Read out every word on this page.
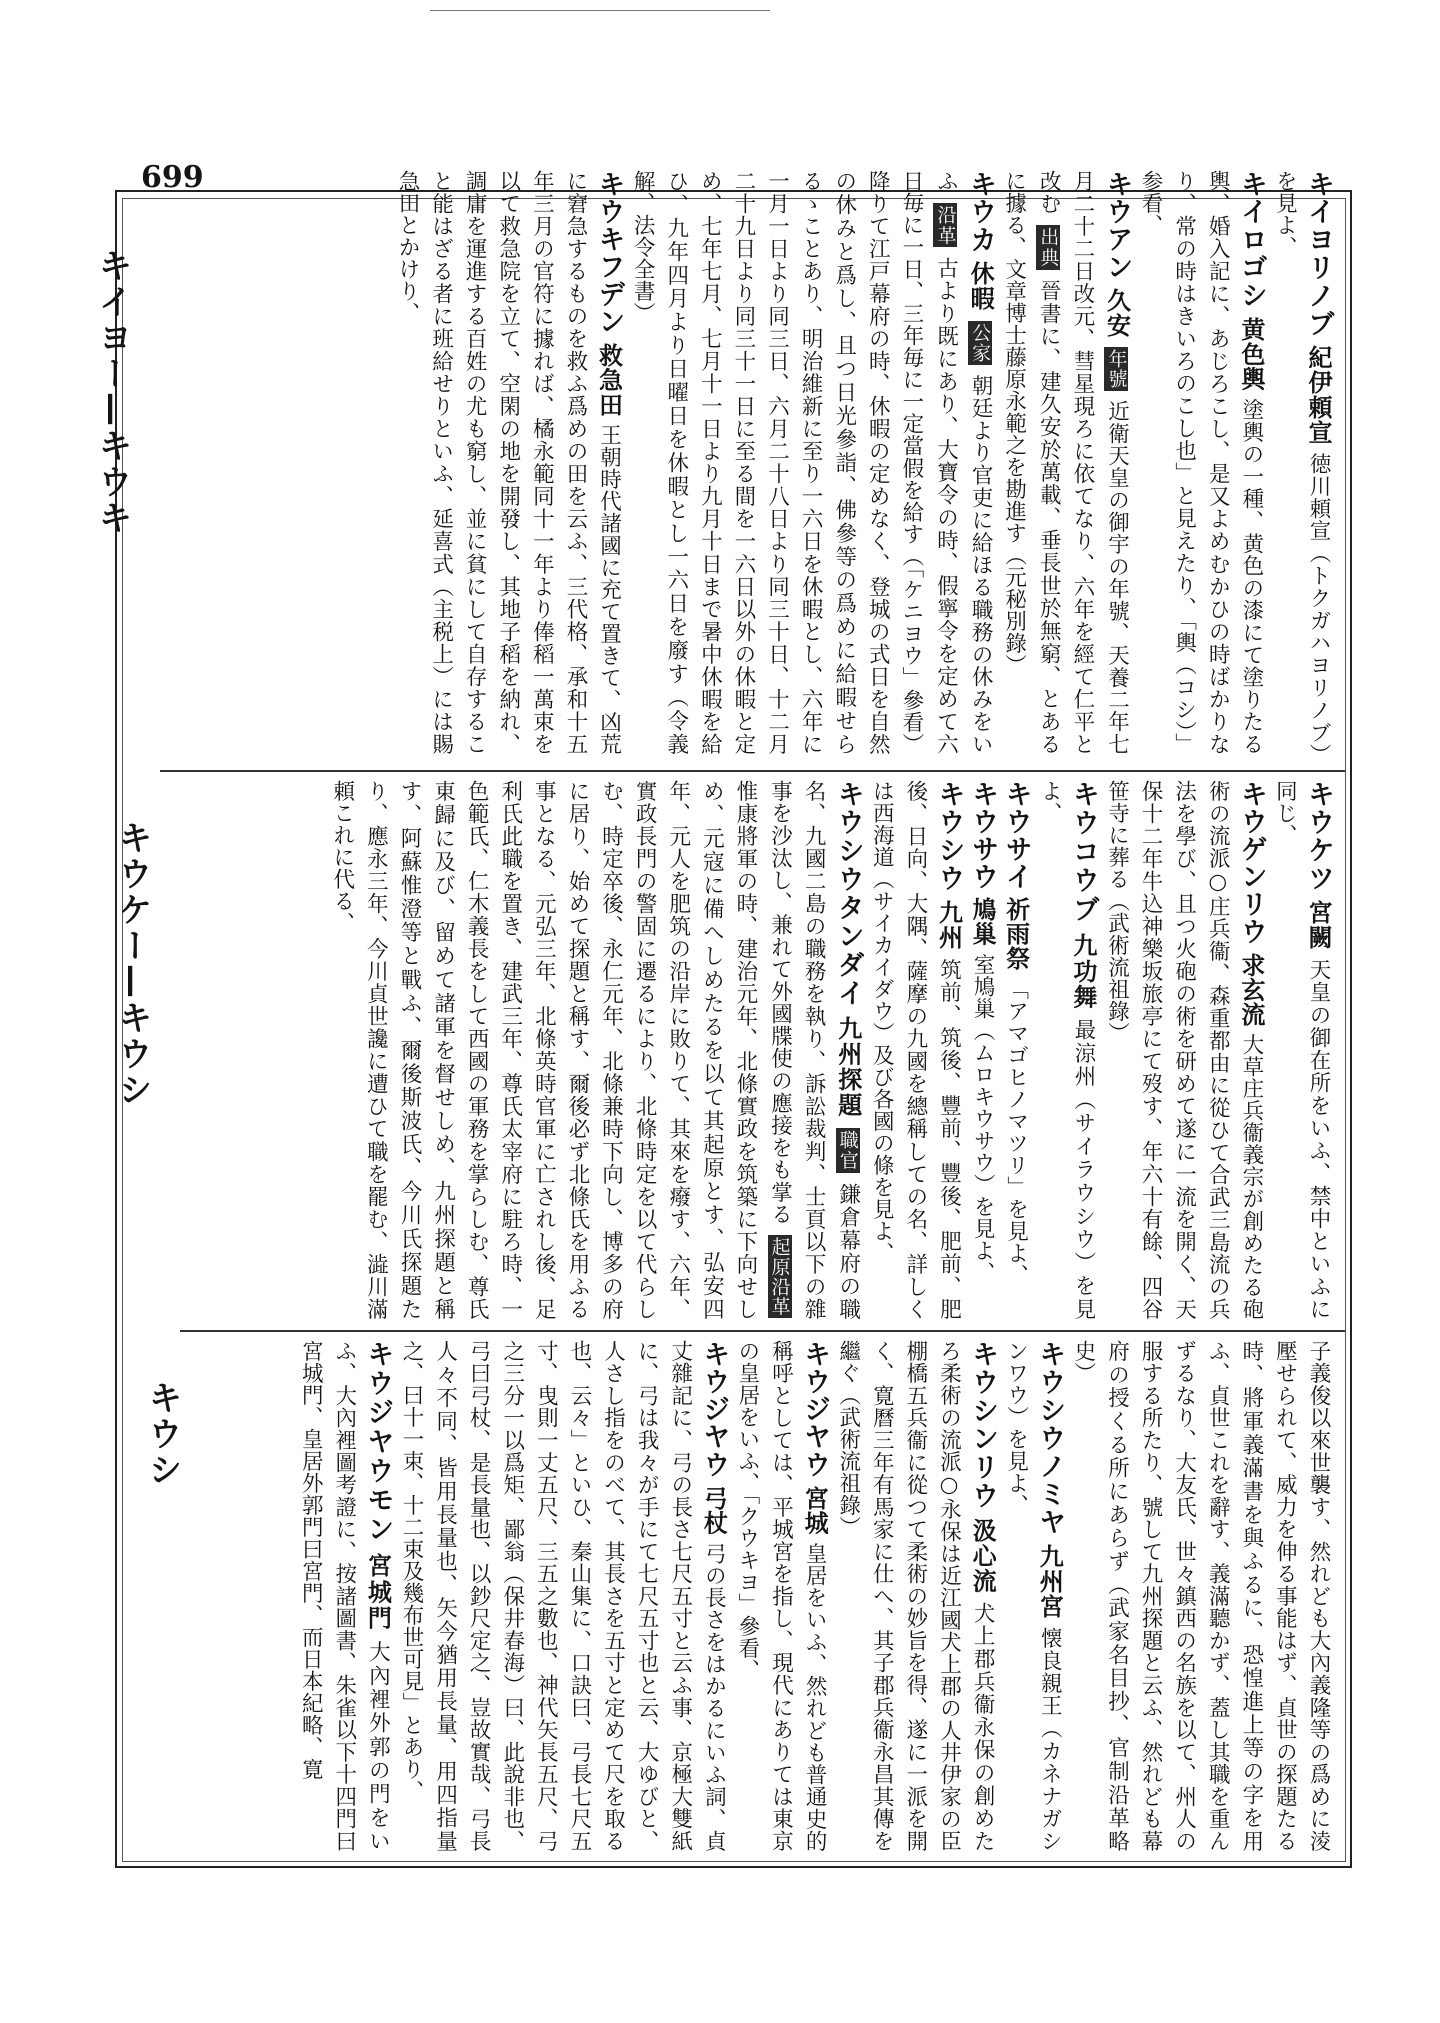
699
キイヨー—キウキ
キウケー—キウシ
キウシ
キイヨリノブ 紀伊頼宣 徳川頼宣（トクガハヨリノブ）を見よ、
キイロゴシ 黄色輿 塗輿の一種、黄色の漆にて塗りたる輿、婚入記に、あじろこし、是又よめむかひの時ばかりなり、常の時はきいろのこし也」と見えたり、「輿（コシ）」参看、
キウアン 久安 年號 近衛天皇の御宇の年號、天養二年七月二十二日改元、彗星現ろに依てなり、六年を經て仁平と改む 出典 晉書に、建久安於萬載、垂長世於無窮、とあるに據る、文章博士藤原永範之を勘進す（元秘別錄）
キウカ 休暇 公家 朝廷より官吏に給ほる職務の休みをいふ 沿革 古より既にあり、大寶令の時、假寧令を定めて六日毎に一日、三年毎に一定當假を給す（「ケニヨウ」參看）降りて江戸幕府の時、休暇の定めなく、登城の式日を自然の休みと爲し、且つ日光參詣、佛參等の爲めに給暇せらるゝことあり、明治維新に至り一六日を休暇とし、六年に一月一日より同三日、六月二十八日より同三十日、十二月二十九日より同三十一日に至る間を一六日以外の休暇と定め、七年七月、七月十一日より九月十日まで暑中休暇を給ひ、九年四月より日曜日を休暇とし一六日を廢す（令義解、法令全書）
キウキフデン 救急田 王朝時代諸國に充て置きて、凶荒に窘急するものを救ふ爲めの田を云ふ、三代格、承和十五年三月の官符に據れば、橘永範同十一年より俸稻一萬束を以て救急院を立て、空閑の地を開發し、其地子稻を納れ、調庸を運進する百姓の尤も窮し、並に貧にして自存すること能はざる者に班給せりといふ、延喜式（主税上）には賜急田とかけり、
キウケツ 宮闕 天皇の御在所をいふ、禁中といふに同じ、
キウゲンリウ 求玄流 大草庄兵衞義宗が創めたる砲術の流派○庄兵衞、森重都由に從ひて合武三島流の兵法を學び、且つ火砲の術を研めて遂に一流を開く、天保十二年牛込神樂坂旅亭にて歿す、年六十有餘、四谷笹寺に葬る（武術流祖錄）
キウコウブ 九功舞 最涼州（サイラウシウ）を見よ、
キウサイ 祈雨祭 「アマゴヒノマツリ」を見よ、
キウサウ 鳩巢 室鳩巢（ムロキウサウ）を見よ、
キウシウ 九州 筑前、筑後、豐前、豐後、肥前、肥後、日向、大隅、薩摩の九國を總稱しての名、詳しくは西海道（サイカイダウ）及び各國の條を見よ、
キウシウタンダイ 九州探題 職官 鎌倉幕府の職名、九國二島の職務を執り、訴訟裁判、士頁以下の雜事を沙汰し、兼れて外國牒使の應接をも掌る 起原沿革 惟康將軍の時、建治元年、北條實政を筑築に下向せしめ、元寇に備へしめたるを以て其起原とす、弘安四年、元人を肥筑の沿岸に敗りて、其來を癈す、六年、實政長門の警固に遷るにより、北條時定を以て代らしむ、時定卒後、永仁元年、北條兼時下向し、博多の府に居り、始めて探題と稱す、爾後必ず北條氏を用ふる事となる、元弘三年、北條英時官軍に亡されし後、足利氏此職を置き、建武三年、尊氏太宰府に駐ろ時、一色範氏、仁木義長をして西國の軍務を掌らしむ、尊氏東歸に及び、留めて諸軍を督せしめ、九州探題と稱す、阿蘇惟澄等と戰ふ、爾後斯波氏、今川氏探題たり、應永三年、今川貞世讒に遭ひて職を罷む、澁川滿頼これに代る、
子義俊以來世襲す、然れども大內義隆等の爲めに淩壓せられて、威力を伸る事能はず、貞世の探題たる時、將軍義滿書を與ふるに、恐惶進上等の字を用ふ、貞世これを辭す、義滿聽かず、蓋し其職を重んずるなり、大友氏、世々鎮西の名族を以て、州人の服する所たり、號して九州探題と云ふ、然れども幕府の授くる所にあらず（武家名目抄、官制沿革略史）
キウシウノミヤ 九州宮 懐良親王（カネナガシンワウ）を見よ、
キウシンリウ 汲心流 犬上郡兵衞永保の創めたろ柔術の流派○永保は近江國犬上郡の人井伊家の臣棚橋五兵衞に從つて柔術の妙旨を得、遂に一派を開く、寛曆三年有馬家に仕へ、其子郡兵衞永昌其傳を繼ぐ（武術流祖錄）
キウジヤウ 宮城 皇居をいふ、然れども普通史的稱呼としては、平城宮を指し、現代にありては東京の皇居をいふ、「クウキヨ」參看、
キウジヤウ 弓杖 弓の長さをはかるにいふ詞、貞丈雜記に、弓の長さ七尺五寸と云ふ事、京極大雙紙に、弓は我々が手にて七尺五寸也と云、大ゆびと、人さし指をのべて、其長さを五寸と定めて尺を取る也、云々」といひ、秦山集に、口訣曰、弓長七尺五寸、曳則一丈五尺、三五之數也、神代矢長五尺、弓之三分一以爲矩、鄙翁（保井春海）曰、此說非也、弓曰弓杖、是長量也、以鈔尺定之、豈故實哉、弓長人々不同、皆用長量也、矢今猶用長量、用四指量之、曰十一束、十二束及幾布世可見」とあり、
キウジヤウモン 宮城門 大內裡外郭の門をいふ、大內裡圖考證に、按諸圖書、朱雀以下十四門曰宮城門、皇居外郭門曰宮門、而日本紀略、寛
